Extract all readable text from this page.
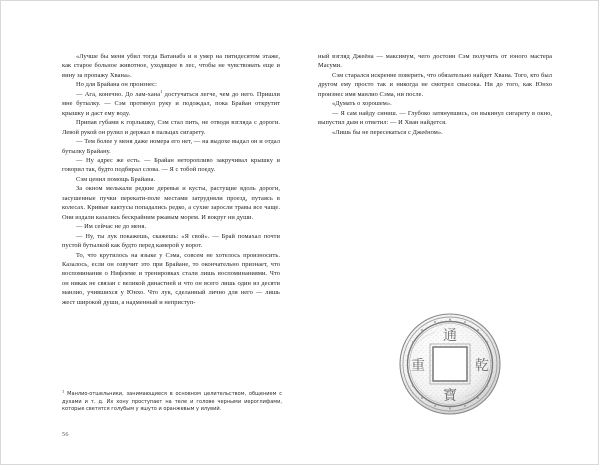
«Лучше бы меня убил тогда Ватанабэ и я умер на пятидесятом этаже, как старое больное животное, уходящее в лес, чтобы не чувствовать еще и вину за пропажу Хвана».

Но для Брайана он произнес:

— Ага, конечно. До лам-хана$^1$ достучаться легче, чем до него. Пришли мне бутылку. — Сэм протянул руку и подождал, пока Брайан открутит крышку и даст ему воду.

Припав губами к горлышку, Сэм стал пить, не отводя взгляда с дороги. Левой рукой он рулил и держал в пальцах сигарету.

— Тем более у меня даже номера его нет, — на выдохе выдал он и отдал бутылку Брайану.

— Ну адрес же есть. — Брайан неторопливо закручивал крышку и говорил так, будто подбирал слова. — Я с тобой поеду.

Сэм ценил помощь Брайана.

За окном мелькали редкие деревья и кусты, растущие вдоль дороги, засушенные пучки перекати-поле местами затрудняли проезд, путаясь в колесах. Кривые кактусы попадались редко, а сухие заросли травы все чаще. Они издали казались бескрайним ржавым морем. И вокруг ни души.

— Им сейчас не до меня.

— Ну, ты лук покажешь, скажешь: «Я свой». — Брай помахал почти пустой бутылкой как будто перед камерой у ворот.

То, что крутилось на языке у Сэма, совсем не хотелось произносить. Казалось, если он озвучит это при Брайане, то окончательно признает, что воспоминания о Нифлеме и тренировках стали лишь воспоминаниями. Что он никак не связан с великой династией и что он всего лишь один из десяти манлио, учившихся у Юнхо. Что лук, сделанный лично для него — лишь жест широкой души, а надменный и неприступ-

$^1$ Манлио-отшельники, занимающиеся в основном целительством, общением с духами и т. д. Их хону проступает на теле и голове черными иероглифами, которые светятся голубым у яшуто и оранжевым у илувий.
56

ный взгляд Джеёна — максимум, чего достоин Сэм получить от юного мастера Масуми.

Сэм старался искренне поверить, что обязательно найдет Хвана. Того, кто был другом ему просто так и никогда не смотрел свысока. Ни до того, как Юнхо произнес имя манлио Сэма, ни после.

«Думать о хорошем».

— Я сам найду синиш. — Глубоко затянувшись, он выкинул сигарету в окно, выпустил дым и ответил: — И Хван найдется.

«Лишь бы не пересекаться с Джеёном».

通
寶
重	乾
